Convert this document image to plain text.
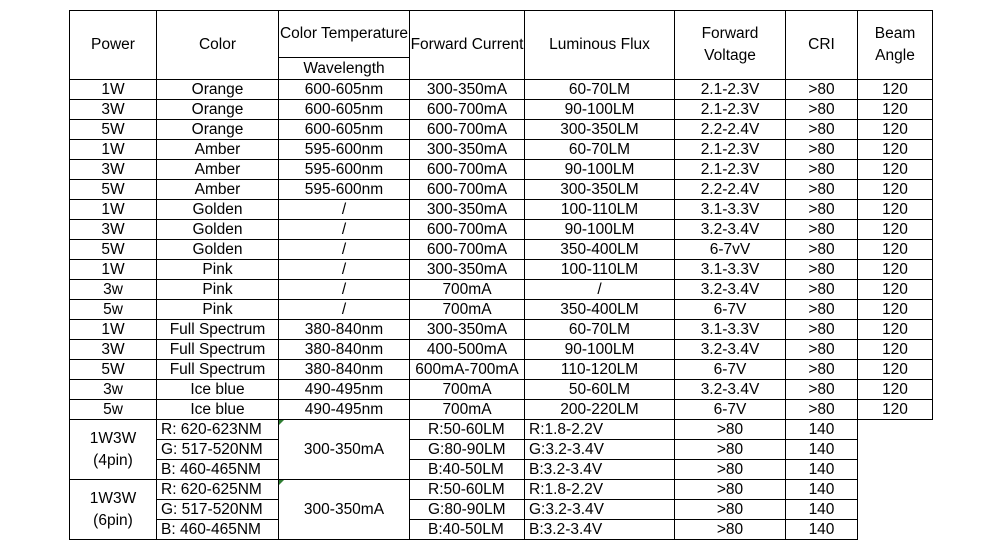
Power	Color	Color Temperature	Forward Current	Luminous Flux	Forward Voltage	CRI	Beam Angle
		Wavelength					
1W	Orange	600-605nm	300-350mA	60-70LM	2.1-2.3V	>80	120
3W	Orange	600-605nm	600-700mA	90-100LM	2.1-2.3V	>80	120
5W	Orange	600-605nm	600-700mA	300-350LM	2.2-2.4V	>80	120
1W	Amber	595-600nm	300-350mA	60-70LM	2.1-2.3V	>80	120
3W	Amber	595-600nm	600-700mA	90-100LM	2.1-2.3V	>80	120
5W	Amber	595-600nm	600-700mA	300-350LM	2.2-2.4V	>80	120
1W	Golden	/	300-350mA	100-110LM	3.1-3.3V	>80	120
3W	Golden	/	600-700mA	90-100LM	3.2-3.4V	>80	120
5W	Golden	/	600-700mA	350-400LM	6-7vV	>80	120
1W	Pink	/	300-350mA	100-110LM	3.1-3.3V	>80	120
3w	Pink	/	700mA	/	3.2-3.4V	>80	120
5w	Pink	/	700mA	350-400LM	6-7V	>80	120
1W	Full Spectrum	380-840nm	300-350mA	60-70LM	3.1-3.3V	>80	120
3W	Full Spectrum	380-840nm	400-500mA	90-100LM	3.2-3.4V	>80	120
5W	Full Spectrum	380-840nm	600mA-700mA	110-120LM	6-7V	>80	120
3w	Ice blue	490-495nm	700mA	50-60LM	3.2-3.4V	>80	120
5w	Ice blue	490-495nm	700mA	200-220LM	6-7V	>80	120

1W3W
(4pin)	R: 620-623NM	300-350mA	R:50-60LM	R:1.8-2.2V	>80	140	
	G: 517-520NM		G:80-90LM	G:3.2-3.4V	>80	140	
	B: 460-465NM		B:40-50LM	B:3.2-3.4V	>80	140	

1W3W
(6pin)	R: 620-625NM	300-350mA	R:50-60LM	R:1.8-2.2V	>80	140	
	G: 517-520NM		G:80-90LM	G:3.2-3.4V	>80	140	
	B: 460-465NM		B:40-50LM	B:3.2-3.4V	>80	140	
